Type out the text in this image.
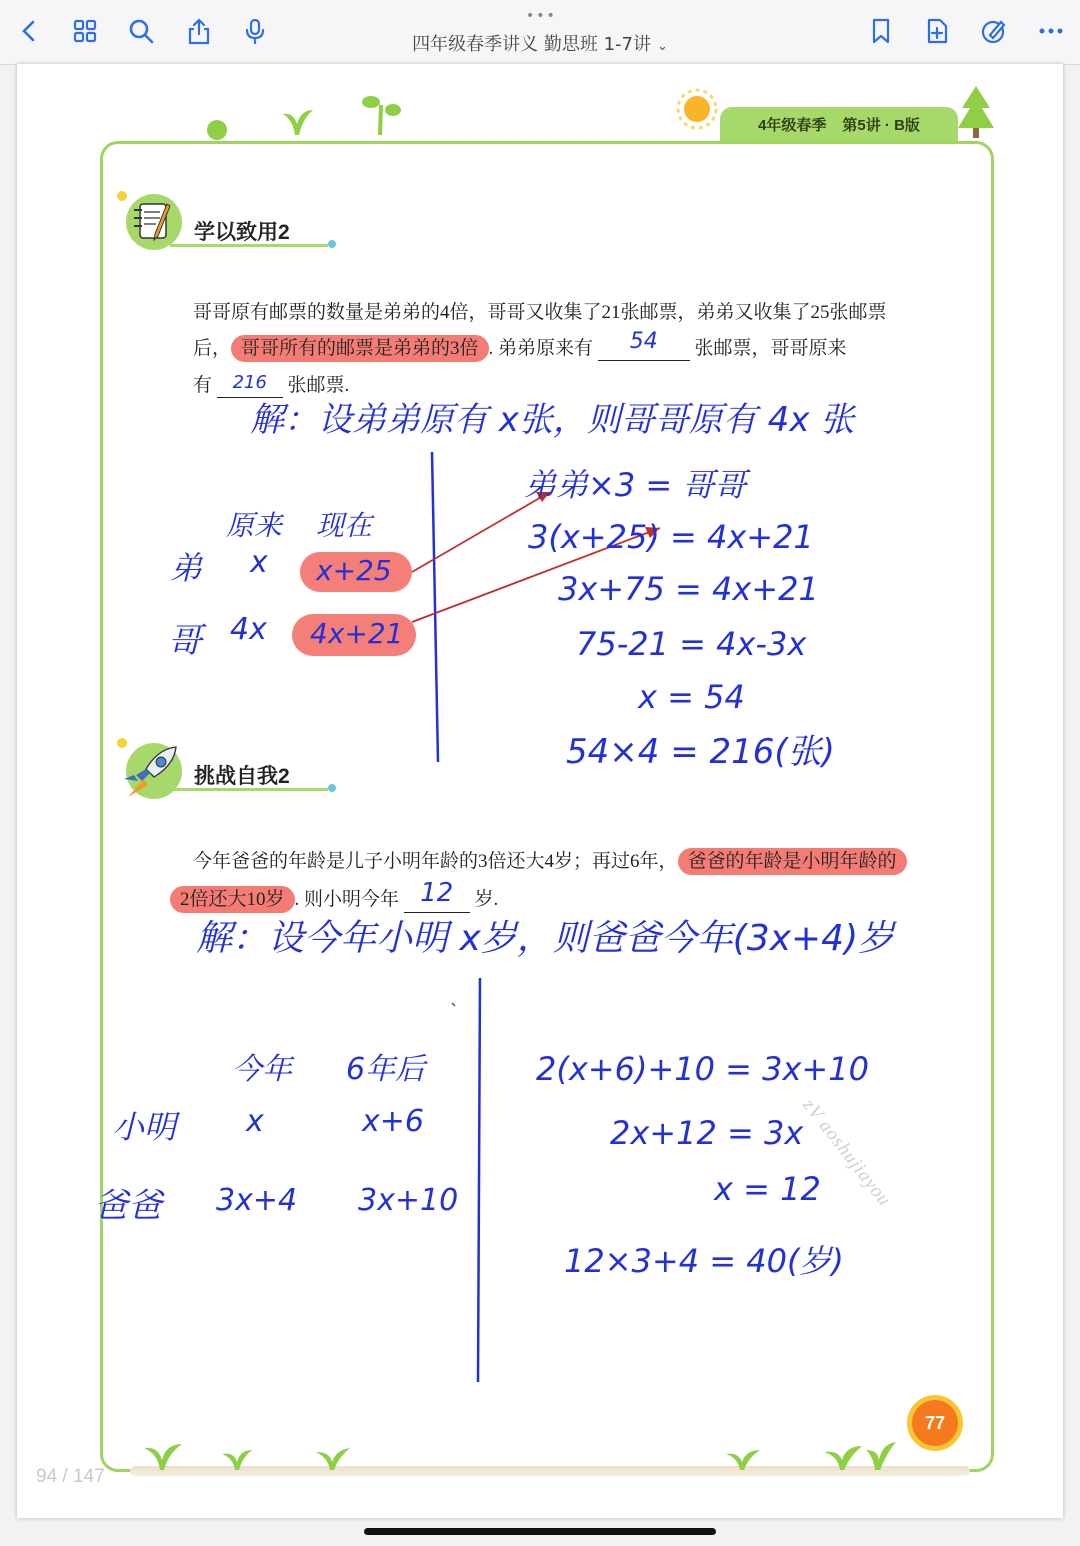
•••
四年级春季讲义 勤思班 1-7讲 ⌄
4年级春季 第5讲 · B版
学以致用2
哥哥原有邮票的数量是弟弟的4倍，哥哥又收集了21张邮票，弟弟又收集了25张邮票
后， 哥哥所有的邮票是弟弟的3倍 . 弟弟原来有 54 张邮票，哥哥原来
有 216 张邮票.
解：设弟弟原有 x张，则哥哥原有 4x 张
原来 现在
弟
哥
x
4x
x+25
4x+21
弟弟×3 = 哥哥
3(x+25) = 4x+21
3x+75 = 4x+21
75-21 = 4x-3x
x = 54
54×4 = 216(张)
挑战自我2
今年爸爸的年龄是儿子小明年龄的3倍还大4岁；再过6年， 爸爸的年龄是小明年龄的
2倍还大10岁 . 则小明今年 12 岁.
解：设今年小明 x岁，则爸爸今年(3x+4)岁
今年 6年后
小明
爸爸
x	x+6
3x+4 3x+10
2(x+6)+10 = 3x+10
2x+12 = 3x
x = 12
12×3+4 = 40(岁)
zV aoshujiayou
77
94 / 147
